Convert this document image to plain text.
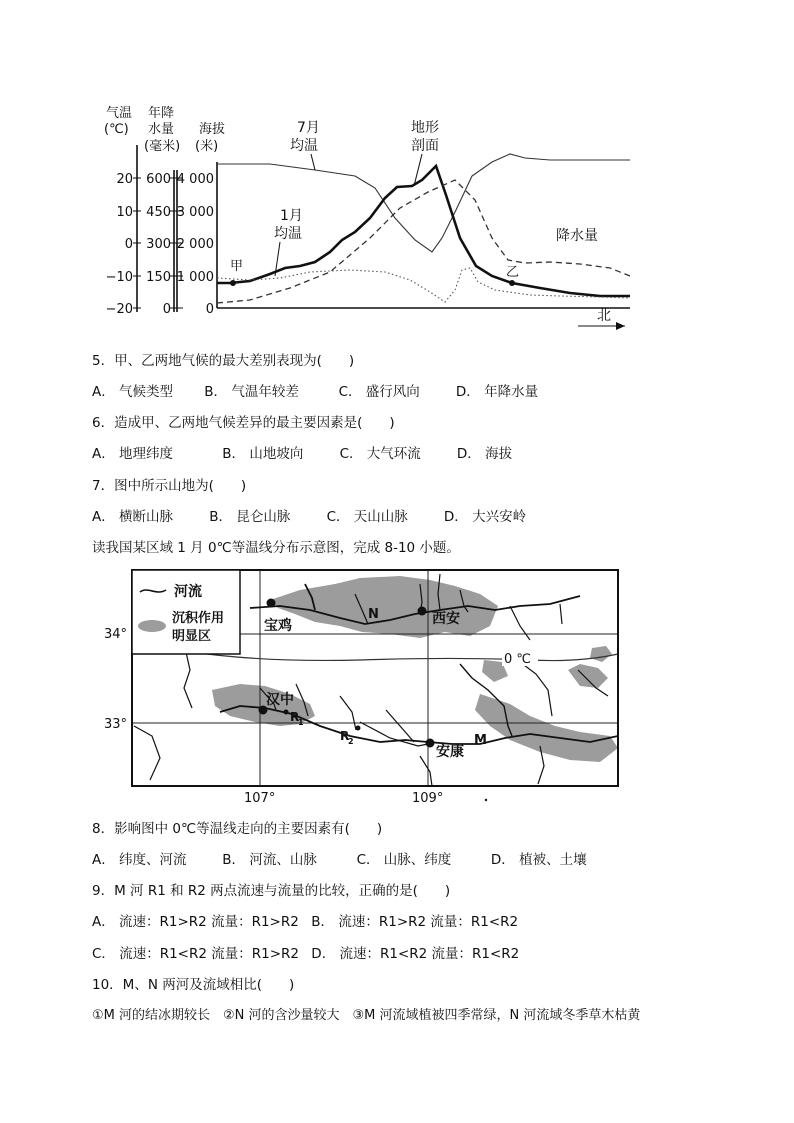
气温
(℃)
年降
水量
(毫米)
海拔
(米)
20
10
0
−10
−20
600
450
300
150
0
4 000
3 000
2 000
1 000
0
7月
均温
地形
剖面
1月
均温	降水量
甲	乙
北
5．甲、乙两地气候的最大差别表现为(　　)
A． 气候类型 B． 气温年较差	C． 盛行风向	D． 年降水量
6．造成甲、乙两地气候差异的最主要因素是(　　)
A． 地理纬度	B． 山地坡向	C． 大气环流	D． 海拔
7．图中所示山地为(　　)
A． 横断山脉	B． 昆仑山脉	C． 天山山脉	D． 大兴安岭
读我国某区域 1 月 0℃等温线分布示意图，完成 8-10 小题。
河流
沉积作用
明显区
34°
33°
107°	109°
0 ℃
宝鸡	西安
汉中
安康
N
M
R
1
R
2
8．影响图中 0℃等温线走向的主要因素有(　　)
A． 纬度、河流	B． 河流、山脉	C． 山脉、纬度	D． 植被、土壤
9．M 河 R1 和 R2 两点流速与流量的比较，正确的是(　　)
A． 流速：R1>R2 流量：R1>R2 B． 流速：R1>R2 流量：R1<R2
C． 流速：R1<R2 流量：R1>R2 D． 流速：R1<R2 流量：R1<R2
10．M、N 两河及流域相比(　　)
①M 河的结冰期较长　②N 河的含沙量较大　③M 河流域植被四季常绿，N 河流域冬季草木枯黄
